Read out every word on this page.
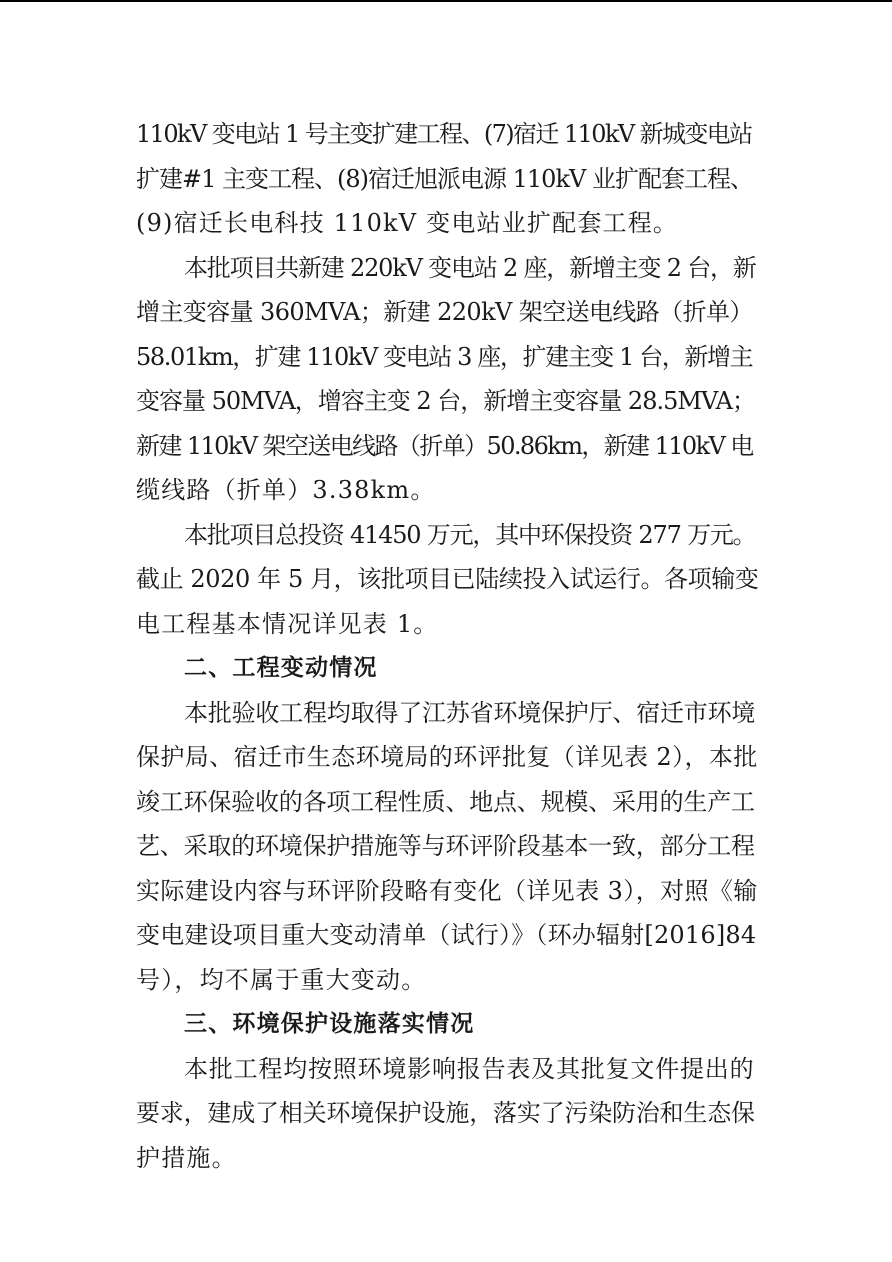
110kV 变电站 1 号主变扩建工程、(7)宿迁 110kV 新城变电站
扩建#1 主变工程、(8)宿迁旭派电源 110kV 业扩配套工程、
(9)宿迁长电科技 110kV 变电站业扩配套工程。
本批项目共新建 220kV 变电站 2 座，新增主变 2 台，新
增主变容量 360MVA；新建 220kV 架空送电线路（折单）
58.01km，扩建 110kV 变电站 3 座，扩建主变 1 台，新增主
变容量 50MVA，增容主变 2 台，新增主变容量 28.5MVA；
新建 110kV 架空送电线路（折单）50.86km，新建 110kV 电
缆线路（折单）3.38km。
本批项目总投资 41450 万元，其中环保投资 277 万元。
截止 2020 年 5 月，该批项目已陆续投入试运行。各项输变
电工程基本情况详见表 1。
二、工程变动情况
本批验收工程均取得了江苏省环境保护厅、宿迁市环境
保护局、宿迁市生态环境局的环评批复（详见表 2），本批
竣工环保验收的各项工程性质、地点、规模、采用的生产工
艺、采取的环境保护措施等与环评阶段基本一致，部分工程
实际建设内容与环评阶段略有变化（详见表 3），对照《输
变电建设项目重大变动清单（试行）》（环办辐射[2016]84
号），均不属于重大变动。
三、环境保护设施落实情况
本批工程均按照环境影响报告表及其批复文件提出的
要求，建成了相关环境保护设施，落实了污染防治和生态保
护措施。
